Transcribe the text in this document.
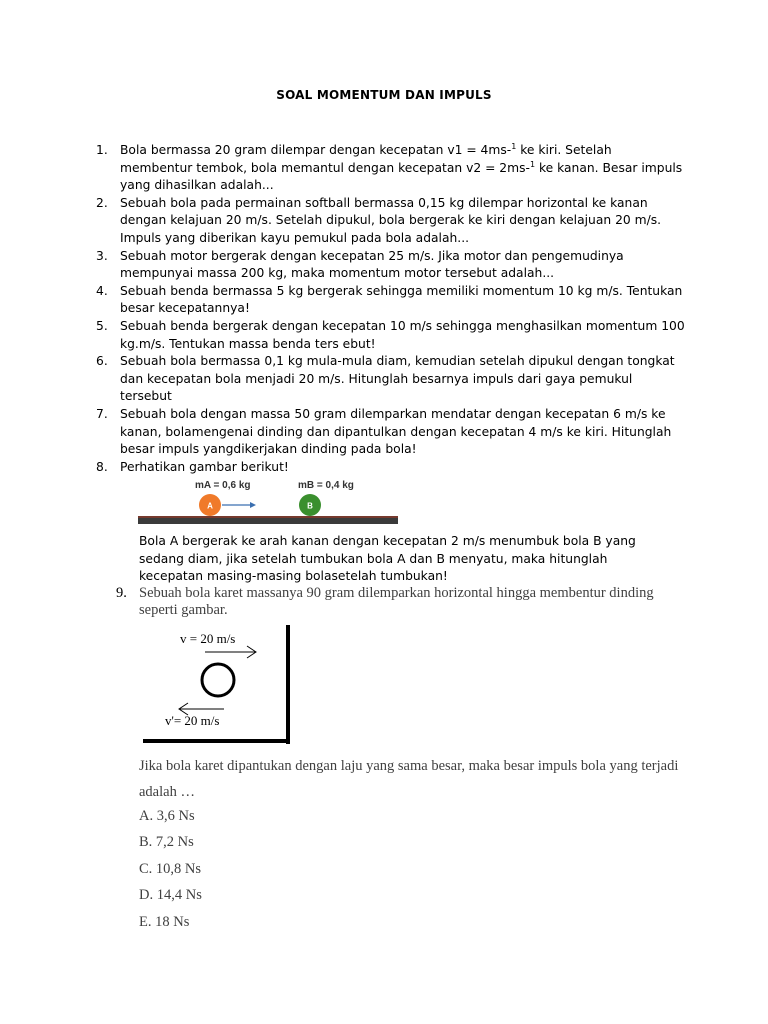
SOAL MOMENTUM DAN IMPULS
1. Bola bermassa 20 gram dilempar dengan kecepatan v1 = 4ms-$^1$ ke kiri. Setelah membentur tembok, bola memantul dengan kecepatan v2 = 2ms-$^1$ ke kanan. Besar impuls yang dihasilkan adalah...
2. Sebuah bola pada permainan softball bermassa 0,15 kg dilempar horizontal ke kanan dengan kelajuan 20 m/s. Setelah dipukul, bola bergerak ke kiri dengan kelajuan 20 m/s. Impuls yang diberikan kayu pemukul pada bola adalah...
3. Sebuah motor bergerak dengan kecepatan 25 m/s. Jika motor dan pengemudinya mempunyai massa 200 kg, maka momentum motor tersebut adalah...
4. Sebuah benda bermassa 5 kg bergerak sehingga memiliki momentum 10 kg m/s. Tentukan besar kecepatannya!
5. Sebuah benda bergerak dengan kecepatan 10 m/s sehingga menghasilkan momentum 100 kg.m/s. Tentukan massa benda ters ebut!
6. Sebuah bola bermassa 0,1 kg mula-mula diam, kemudian setelah dipukul dengan tongkat dan kecepatan bola menjadi 20 m/s. Hitunglah besarnya impuls dari gaya pemukul tersebut
7. Sebuah bola dengan massa 50 gram dilemparkan mendatar dengan kecepatan 6 m/s ke kanan, bolamengenai dinding dan dipantulkan dengan kecepatan 4 m/s ke kiri. Hitunglah besar impuls yangdikerjakan dinding pada bola!
8. Perhatikan gambar berikut!
mA = 0,6 kg	mB = 0,4 kg
A	B
Bola A bergerak ke arah kanan dengan kecepatan 2 m/s menumbuk bola B yang sedang diam, jika setelah tumbukan bola A dan B menyatu, maka hitunglah kecepatan masing-masing bolasetelah tumbukan!
9. Sebuah bola karet massanya 90 gram dilemparkan horizontal hingga membentur dinding seperti gambar.
v = 20 m/s
v'= 20 m/s
Jika bola karet dipantukan dengan laju yang sama besar, maka besar impuls bola yang terjadi adalah …
A. 3,6 Ns
B. 7,2 Ns
C. 10,8 Ns
D. 14,4 Ns
E. 18 Ns
